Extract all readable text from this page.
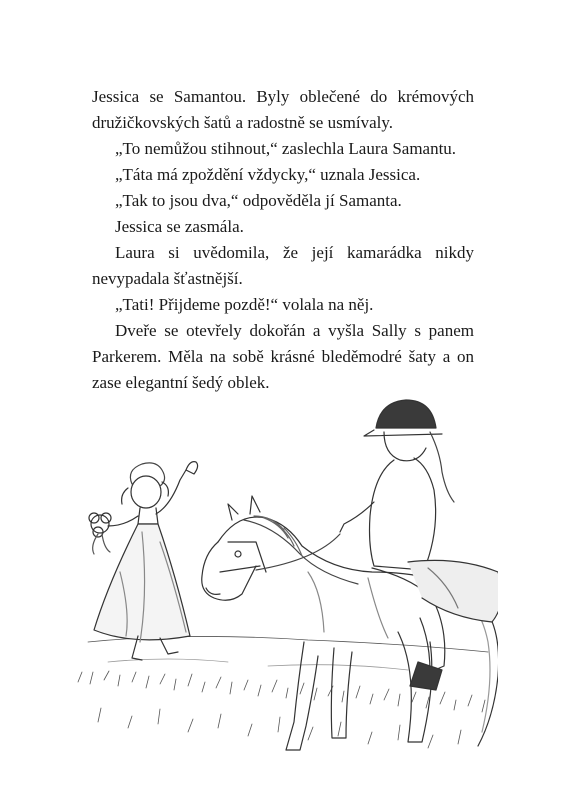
Jessica se Samantou. Byly oblečené do krémových družičkovských šatů a radostně se usmívaly.

„To nemůžou stihnout,“ zaslechla Laura Samantu.

„Táta má zpoždění vždycky,“ uznala Jessica.

„Tak to jsou dva,“ odpověděla jí Samanta.

Jessica se zasmála.

Laura si uvědomila, že její kamarádka nikdy nevypadala šťastnější.

„Tati! Přijdeme pozdě!“ volala na něj.

Dveře se otevřely dokořán a vyšla Sally s panem Parkerem. Měla na sobě krásné bleděmodré šaty a on zase elegantní šedý oblek.
